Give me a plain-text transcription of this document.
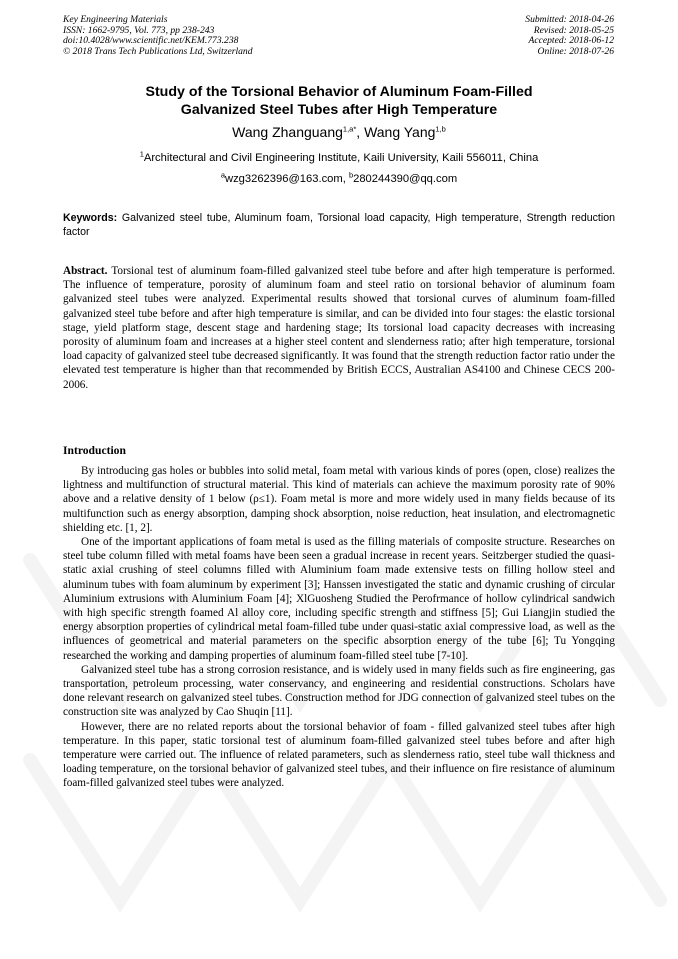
Key Engineering Materials
ISSN: 1662-9795, Vol. 773, pp 238-243
doi:10.4028/www.scientific.net/KEM.773.238
© 2018 Trans Tech Publications Ltd, Switzerland
Submitted: 2018-04-26
Revised: 2018-05-25
Accepted: 2018-06-12
Online: 2018-07-26
Study of the Torsional Behavior of Aluminum Foam-Filled
Galvanized Steel Tubes after High Temperature
Wang Zhanguang$^{1,a*}$, Wang Yang$^{1,b}$
$^1$Architectural and Civil Engineering Institute, Kaili University, Kaili 556011, China
$^a$wzg3262396@163.com, $^b$280244390@qq.com
Keywords: Galvanized steel tube, Aluminum foam, Torsional load capacity, High temperature, Strength reduction factor
Abstract. Torsional test of aluminum foam-filled galvanized steel tube before and after high temperature is performed. The influence of temperature, porosity of aluminum foam and steel ratio on torsional behavior of aluminum foam galvanized steel tubes were analyzed. Experimental results showed that torsional curves of aluminum foam-filled galvanized steel tube before and after high temperature is similar, and can be divided into four stages: the elastic torsional stage, yield platform stage, descent stage and hardening stage; Its torsional load capacity decreases with increasing porosity of aluminum foam and increases at a higher steel content and slenderness ratio; after high temperature, torsional load capacity of galvanized steel tube decreased significantly. It was found that the strength reduction factor ratio under the elevated test temperature is higher than that recommended by British ECCS, Australian AS4100 and Chinese CECS 200-2006.
Introduction

By introducing gas holes or bubbles into solid metal, foam metal with various kinds of pores (open, close) realizes the lightness and multifunction of structural material. This kind of materials can achieve the maximum porosity rate of 90% above and a relative density of 1 below (ρ≤1). Foam metal is more and more widely used in many fields because of its multifunction such as energy absorption, damping shock absorption, noise reduction, heat insulation, and electromagnetic shielding etc. [1, 2].

One of the important applications of foam metal is used as the filling materials of composite structure. Researches on steel tube column filled with metal foams have been seen a gradual increase in recent years. Seitzberger studied the quasi-static axial crushing of steel columns filled with Aluminium foam made extensive tests on filling hollow steel and aluminum tubes with foam aluminum by experiment [3]; Hanssen investigated the static and dynamic crushing of circular Aluminium extrusions with Aluminium Foam [4]; XlGuosheng Studied the Perofrmance of hollow cylindrical sandwich with high specific strength foamed Al alloy core, including specific strength and stiffness [5]; Gui Liangjin studied the energy absorption properties of cylindrical metal foam-filled tube under quasi-static axial compressive load, as well as the influences of geometrical and material parameters on the specific absorption energy of the tube [6]; Tu Yongqing researched the working and damping properties of aluminum foam-filled steel tube [7-10].

Galvanized steel tube has a strong corrosion resistance, and is widely used in many fields such as fire engineering, gas transportation, petroleum processing, water conservancy, and engineering and residential constructions. Scholars have done relevant research on galvanized steel tubes. Construction method for JDG connection of galvanized steel tubes on the construction site was analyzed by Cao Shuqin [11].

However, there are no related reports about the torsional behavior of foam - filled galvanized steel tubes after high temperature. In this paper, static torsional test of aluminum foam-filled galvanized steel tubes before and after high temperature were carried out. The influence of related parameters, such as slenderness ratio, steel tube wall thickness and loading temperature, on the torsional behavior of galvanized steel tubes, and their influence on fire resistance of aluminum foam-filled galvanized steel tubes were analyzed.
